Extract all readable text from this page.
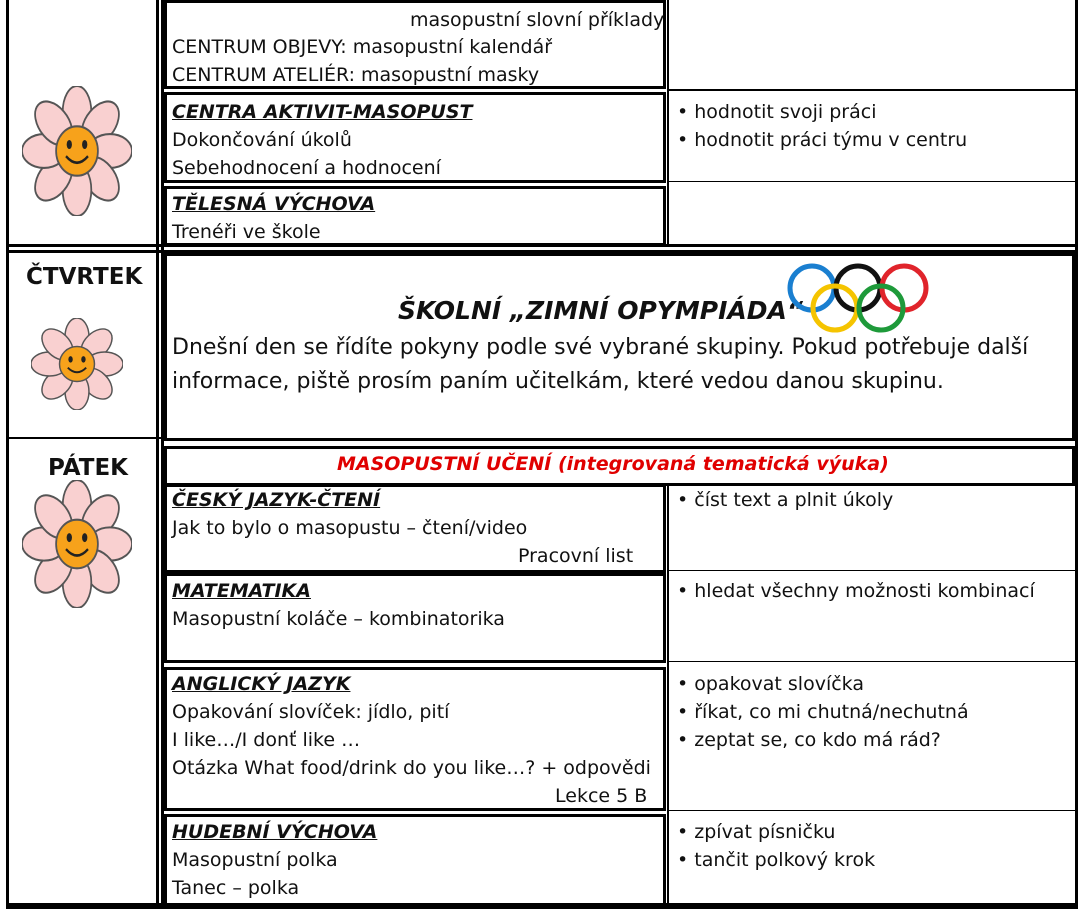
masopustní slovní příklady
CENTRUM OBJEVY: masopustní kalendář
CENTRUM ATELIÉR: masopustní masky
CENTRA AKTIVIT-MASOPUST
Dokončování úkolů
Sebehodnocení a hodnocení
• hodnotit svoji práci
• hodnotit práci týmu v centru
TĚLESNÁ VÝCHOVA
Trenéři ve škole
ČTVRTEK
ŠKOLNÍ „ZIMNÍ OPYMPIÁDA“
Dnešní den se řídíte pokyny podle své vybrané skupiny. Pokud potřebuje další
informace, piště prosím paním učitelkám, které vedou danou skupinu.
PÁTEK	MASOPUSTNÍ UČENÍ (integrovaná tematická výuka)
ČESKÝ JAZYK-ČTENÍ
Jak to bylo o masopustu – čtení/video
Pracovní list
• číst text a plnit úkoly
MATEMATIKA
Masopustní koláče – kombinatorika
• hledat všechny možnosti kombinací
ANGLICKÝ JAZYK
Opakování slovíček: jídlo, pití
I like…/I donť like …
Otázka What food/drink do you like…? + odpovědi
Lekce 5 B
• opakovat slovíčka
• říkat, co mi chutná/nechutná
• zeptat se, co kdo má rád?
HUDEBNÍ VÝCHOVA
Masopustní polka
Tanec – polka
• zpívat písničku
• tančit polkový krok
